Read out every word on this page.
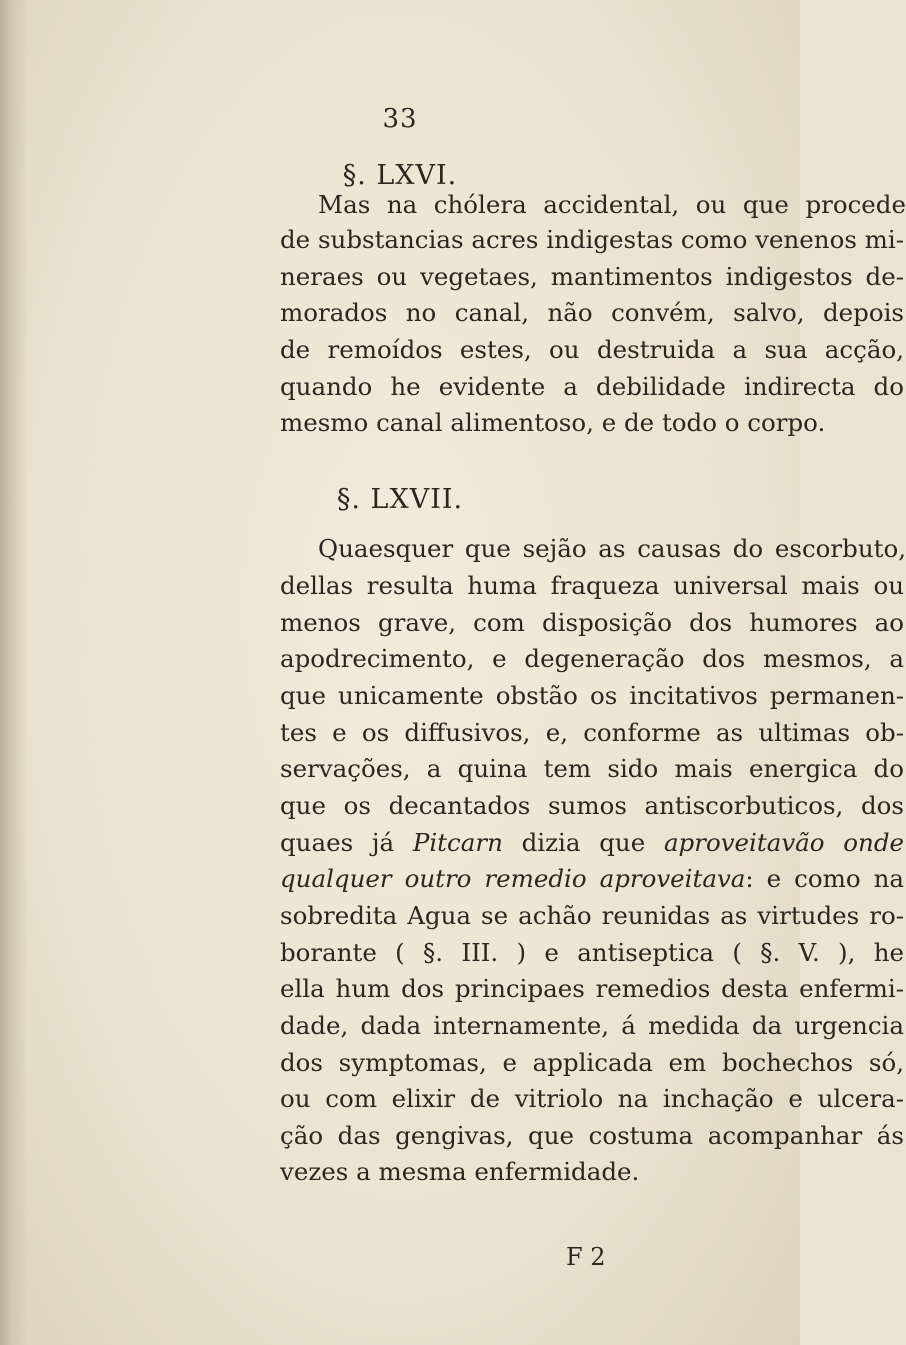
33
§. LXVI.
Mas na chólera accidental, ou que procede
de substancias acres indigestas como venenos mi-
neraes ou vegetaes, mantimentos indigestos de-
morados no canal, não convém, salvo, depois
de remoídos estes, ou destruida a sua acção,
quando he evidente a debilidade indirecta do
mesmo canal alimentoso, e de todo o corpo.
§. LXVII.
Quaesquer que sejão as causas do escorbuto,
dellas resulta huma fraqueza universal mais ou
menos grave, com disposição dos humores ao
apodrecimento, e degeneração dos mesmos, a
que unicamente obstão os incitativos permanen-
tes e os diffusivos, e, conforme as ultimas ob-
servações, a quina tem sido mais energica do
que os decantados sumos antiscorbuticos, dos
quaes já Pitcarn dizia que aproveitavão onde
qualquer outro remedio aproveitava: e como na
sobredita Agua se achão reunidas as virtudes ro-
borante ( §. III. ) e antiseptica ( §. V. ), he
ella hum dos principaes remedios desta enfermi-
dade, dada internamente, á medida da urgencia
dos symptomas, e applicada em bochechos só,
ou com elixir de vitriolo na inchação e ulcera-
ção das gengivas, que costuma acompanhar ás
vezes a mesma enfermidade.
F 2
